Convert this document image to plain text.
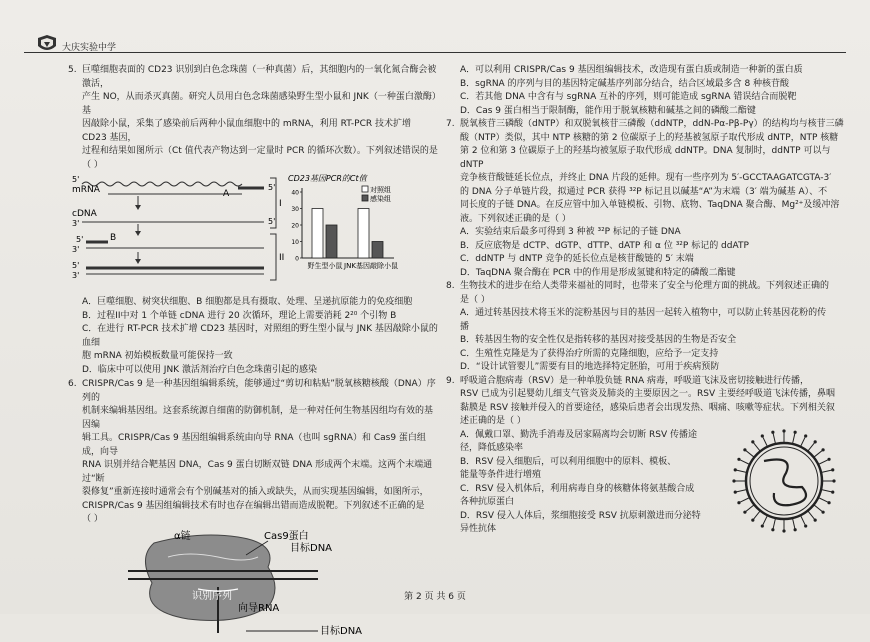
大庆实验中学

5. 巨噬细胞表面的 CD23 识别到白色念珠菌（一种真菌）后，其细胞内的一氧化氮合酶会被激活，

产生 NO，从而杀灭真菌。研究人员用白色念珠菌感染野生型小鼠和 JNK（一种蛋白激酶）基

因敲除小鼠，采集了感染前后两种小鼠血细胞中的 mRNA，利用 RT-PCR 技术扩增 CD23 基因，

过程和结果如图所示（Ct 值代表产物达到一定量时 PCR 的循环次数）。下列叙述错误的是

（ ）

A
5'
5'
mRNA
cDNA
5'
3'
5'	B
3'
5'
3'
I
II
CD23基因PCR的Ct值
40
30
20
10
0
对照组
感染组
野生型小鼠 JNK基因敲除小鼠

A．巨噬细胞、树突状细胞、B 细胞都是具有摄取、处理、呈递抗原能力的免疫细胞

B．过程II中对 1 个单链 cDNA 进行 20 次循环，理论上需要消耗 2²⁰ 个引物 B

C．在进行 RT-PCR 技术扩增 CD23 基因时，对照组的野生型小鼠与 JNK 基因敲除小鼠的血细

胞 mRNA 初始模板数量可能保持一致

D．临床中可以使用 JNK 激活剂治疗白色念珠菌引起的感染

6. CRISPR/Cas 9 是一种基因组编辑系统，能够通过“剪切和粘贴”脱氧核糖核酸（DNA）序列的

机制来编辑基因组。这套系统源自细菌的防御机制，是一种对任何生物基因组均有效的基因编

辑工具。CRISPR/Cas 9 基因组编辑系统由向导 RNA（也叫 sgRNA）和 Cas9 蛋白组成，向导

RNA 识别并结合靶基因 DNA，Cas 9 蛋白切断双链 DNA 形成两个末端。这两个末端通过“断

裂修复”重新连接时通常会有个别碱基对的插入或缺失，从而实现基因编辑，如图所示，

CRISPR/Cas 9 基因组编辑技术有时也存在编辑出错而造成脱靶。下列叙述不正确的是

（ ）

α链	Cas9蛋白
目标DNA
识别序列
向导RNA
目标DNA

A．可以利用 CRISPR/Cas 9 基因组编辑技术，改造现有蛋白质或制造一种新的蛋白质

B．sgRNA 的序列与目的基因特定碱基序列部分结合，结合区域最多含 8 种核苷酸

C．若其他 DNA 中含有与 sgRNA 互补的序列，则可能造成 sgRNA 错误结合而脱靶

D．Cas 9 蛋白相当于限制酶，能作用于脱氧核糖和碱基之间的磷酸二酯键

7. 脱氧核苷三磷酸（dNTP）和双脱氧核苷三磷酸（ddNTP，ddN-Pα-Pβ-Pγ）的结构均与核苷三磷

酸（NTP）类似，其中 NTP 核糖的第 2 位碳原子上的羟基被氢原子取代形成 dNTP，NTP 核糖

第 2 位和第 3 位碳原子上的羟基均被氢原子取代形成 ddNTP。DNA 复制时，ddNTP 可以与 dNTP

竞争核苷酸链延长位点，并终止 DNA 片段的延伸。现有一些序列为 5′-GCCTAAGATCGTA-3′

的 DNA 分子单链片段，拟通过 PCR 获得 ³²P 标记且以碱基“A”为末端（3′ 端为碱基 A）、不

同长度的子链 DNA。在反应管中加入单链模板、引物、底物、TaqDNA 聚合酶、Mg²⁺及缓冲溶

液。下列叙述正确的是（ ）

A．实验结束后最多可得到 3 种被 ³²P 标记的子链 DNA

B．反应底物是 dCTP、dGTP、dTTP、dATP 和 α 位 ³²P 标记的 ddATP

C．ddNTP 与 dNTP 竞争的延长位点是核苷酸链的 5′ 末端

D．TaqDNA 聚合酶在 PCR 中的作用是形成氢键和特定的磷酸二酯键

8. 生物技术的进步在给人类带来福祉的同时，也带来了安全与伦理方面的挑战。下列叙述正确的

是（ ）

A．通过转基因技术将玉米的淀粉基因与目的基因一起转入植物中，可以防止转基因花粉的传

播

B．转基因生物的安全性仅是指转移的基因对接受基因的生物是否安全

C．生殖性克隆是为了获得治疗所需的克隆细胞，应给予一定支持

D．“设计试管婴儿”需要有目的地选择特定胚胎，可用于疾病预防

9. 呼吸道合胞病毒（RSV）是一种单股负链 RNA 病毒，呼吸道飞沫及密切接触进行传播，

RSV 已成为引起婴幼儿细支气管炎及肺炎的主要原因之一。RSV 主要经呼吸道飞沫传播，鼻咽

黏膜是 RSV 接触并侵入的首要途径，感染后患者会出现发热、咽痛、咳嗽等症状。下列相关叙

述正确的是（ ）

A．佩戴口罩、勤洗手消毒及居家隔离均会切断 RSV 传播途

径，降低感染率

B．RSV 侵入细胞后，可以利用细胞中的原料、模板、

能量等条件进行增殖

C．RSV 侵入机体后，利用病毒自身的核糖体将氨基酸合成

各种抗原蛋白

D．RSV 侵入人体后，浆细胞接受 RSV 抗原刺激进而分泌特

异性抗体

第 2 页 共 6 页
